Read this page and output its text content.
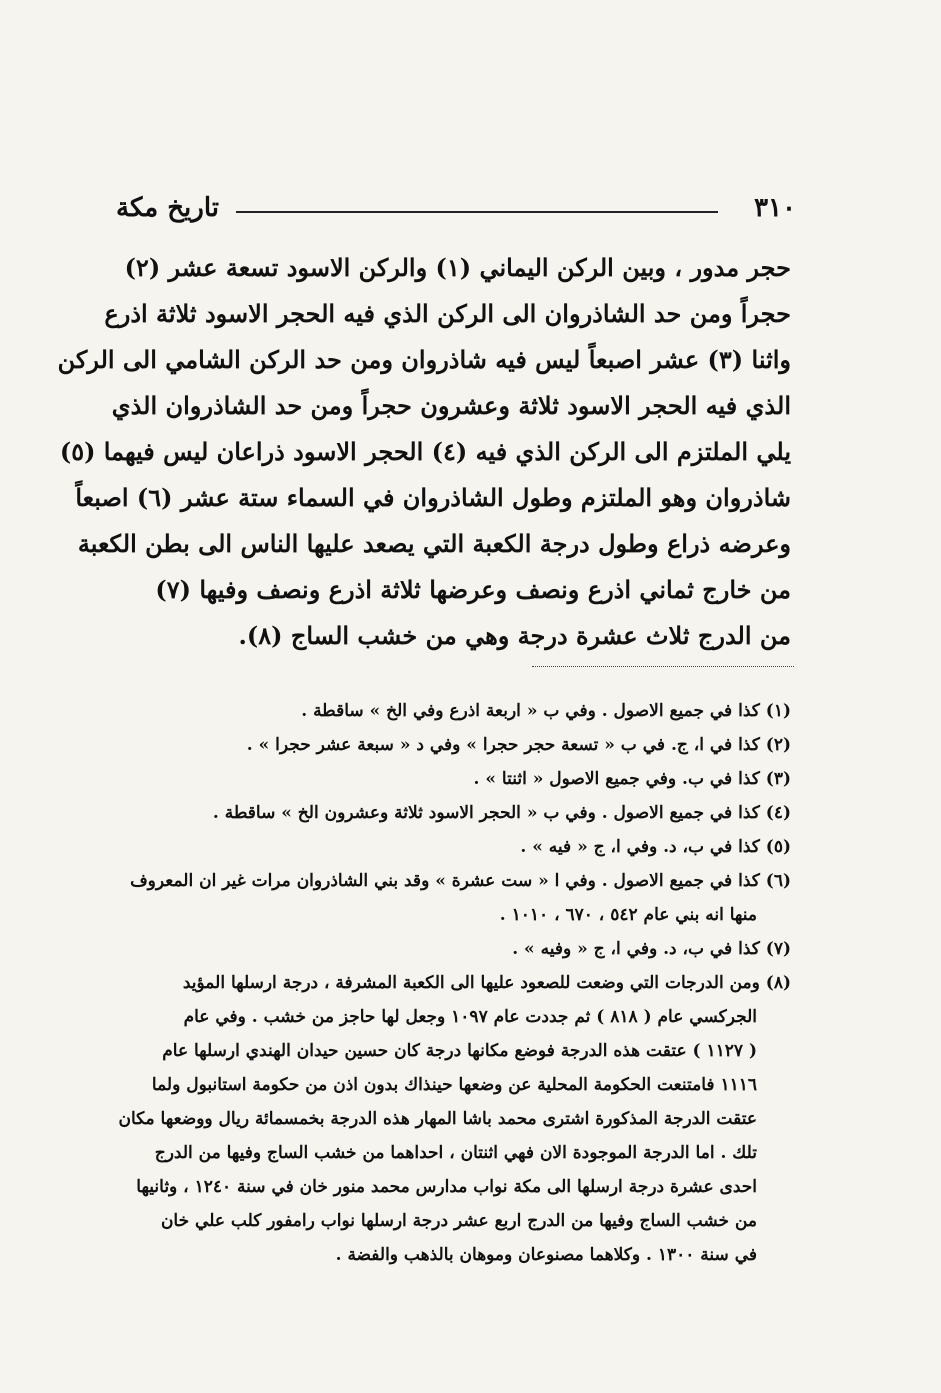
٣١٠
تاريخ مكة
حجر مدور ، وبين الركن اليماني (١) والركن الاسود تسعة عشر (٢)
حجراً ومن حد الشاذروان الى الركن الذي فيه الحجر الاسود ثلاثة اذرع
واثنا (٣) عشر اصبعاً ليس فيه شاذروان ومن حد الركن الشامي الى الركن
الذي فيه الحجر الاسود ثلاثة وعشرون حجراً ومن حد الشاذروان الذي
يلي الملتزم الى الركن الذي فيه (٤) الحجر الاسود ذراعان ليس فيهما (٥)
شاذروان وهو الملتزم وطول الشاذروان في السماء ستة عشر (٦) اصبعاً
وعرضه ذراع وطول درجة الكعبة التي يصعد عليها الناس الى بطن الكعبة
من خارج ثماني اذرع ونصف وعرضها ثلاثة اذرع ونصف وفيها (٧)
من الدرج ثلاث عشرة درجة وهي من خشب الساج (٨).
(١) كذا في جميع الاصول . وفي ب « اربعة اذرع وفي الخ » ساقطة .
(٢) كذا في ا، ج. في ب « تسعة حجر حجرا » وفي د « سبعة عشر حجرا » .
(٣) كذا في ب. وفي جميع الاصول « اثنتا » .
(٤) كذا في جميع الاصول . وفي ب « الحجر الاسود ثلاثة وعشرون الخ » ساقطة .
(٥) كذا في ب، د. وفي ا، ج « فيه » .
(٦) كذا في جميع الاصول . وفي ا « ست عشرة » وقد بني الشاذروان مرات غير ان المعروف
منها انه بني عام ٥٤٢ ، ٦٧٠ ، ١٠١٠ .
(٧) كذا في ب، د. وفي ا، ج « وفيه » .
(٨) ومن الدرجات التي وضعت للصعود عليها الى الكعبة المشرفة ، درجة ارسلها المؤيد
الجركسي عام ( ٨١٨ ) ثم جددت عام ١٠٩٧ وجعل لها حاجز من خشب . وفي عام
( ١١٢٧ ) عتقت هذه الدرجة فوضع مكانها درجة كان حسين حيدان الهندي ارسلها عام
١١١٦ فامتنعت الحكومة المحلية عن وضعها حينذاك بدون اذن من حكومة استانبول ولما
عتقت الدرجة المذكورة اشترى محمد باشا المهار هذه الدرجة بخمسمائة ريال ووضعها مكان
تلك . اما الدرجة الموجودة الان فهي اثنتان ، احداهما من خشب الساج وفيها من الدرج
احدى عشرة درجة ارسلها الى مكة نواب مدارس محمد منور خان في سنة ١٢٤٠ ، وثانيها
من خشب الساج وفيها من الدرج اربع عشر درجة ارسلها نواب رامفور كلب علي خان
في سنة ١٣٠٠ . وكلاهما مصنوعان وموهان بالذهب والفضة .
